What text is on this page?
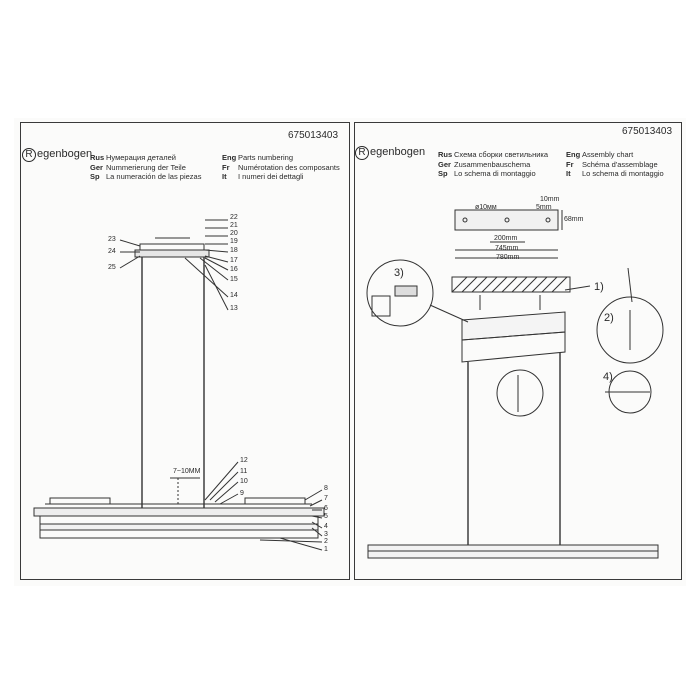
675013403
R egenbogen
Rus Нумерация деталей
Ger Nummerierung der Teile
Sp La numeración de las piezas
Eng Parts numbering
Fr Numérotation des composants
It I numeri dei dettagli
675013403
R egenbogen Rus Схема сборки светильника
Ger Zusammenbauschema
Sp Lo schema di montaggio
Eng Assembly chart
Fr Schéma d'assemblage
It Lo schema di montaggio
22
21
20
19
18
17
16
15
14
13
23
24
25
12
11
10
9
8
7
6
5
4
3
2
1
7~10MM
ø10мм
10mm
5mm
68mm
200mm
745mm
780mm
1)
2)
3)
4)
